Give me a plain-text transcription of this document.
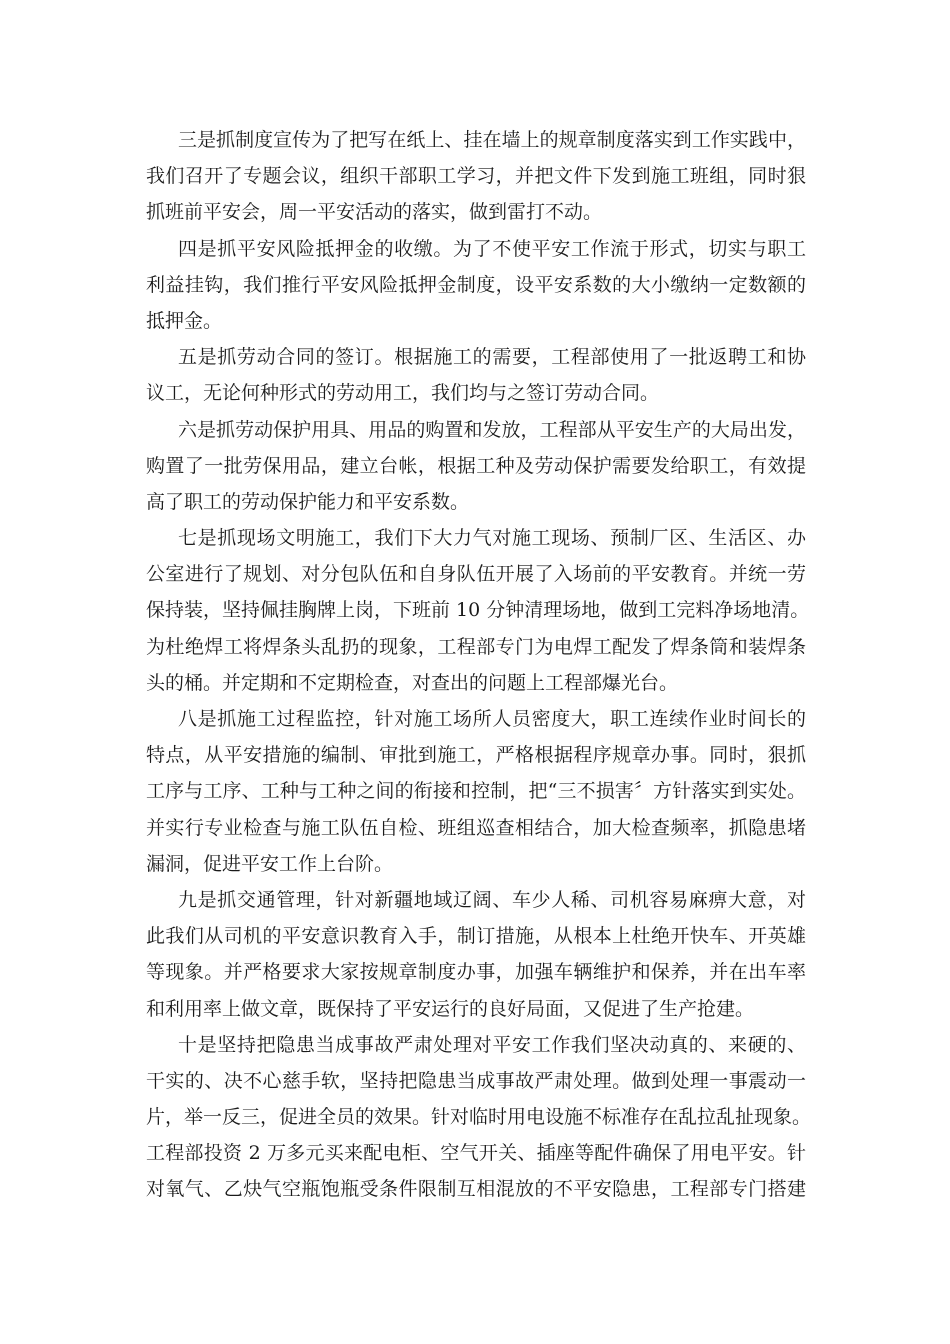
三是抓制度宣传为了把写在纸上、挂在墙上的规章制度落实到工作实践中，
我们召开了专题会议，组织干部职工学习，并把文件下发到施工班组，同时狠
抓班前平安会，周一平安活动的落实，做到雷打不动。
四是抓平安风险抵押金的收缴。为了不使平安工作流于形式，切实与职工
利益挂钩，我们推行平安风险抵押金制度，设平安系数的大小缴纳一定数额的
抵押金。
五是抓劳动合同的签订。根据施工的需要，工程部使用了一批返聘工和协
议工，无论何种形式的劳动用工，我们均与之签订劳动合同。
六是抓劳动保护用具、用品的购置和发放，工程部从平安生产的大局出发，
购置了一批劳保用品，建立台帐，根据工种及劳动保护需要发给职工，有效提
高了职工的劳动保护能力和平安系数。
七是抓现场文明施工，我们下大力气对施工现场、预制厂区、生活区、办
公室进行了规划、对分包队伍和自身队伍开展了入场前的平安教育。并统一劳
保持装，坚持佩挂胸牌上岗，下班前 10 分钟清理场地，做到工完料净场地清。
为杜绝焊工将焊条头乱扔的现象，工程部专门为电焊工配发了焊条筒和装焊条
头的桶。并定期和不定期检查，对查出的问题上工程部爆光台。
八是抓施工过程监控，针对施工场所人员密度大，职工连续作业时间长的
特点，从平安措施的编制、审批到施工，严格根据程序规章办事。同时，狠抓
工序与工序、工种与工种之间的衔接和控制，把“三不损害〞方针落实到实处。
并实行专业检查与施工队伍自检、班组巡查相结合，加大检查频率，抓隐患堵
漏洞，促进平安工作上台阶。
九是抓交通管理，针对新疆地域辽阔、车少人稀、司机容易麻痹大意，对
此我们从司机的平安意识教育入手，制订措施，从根本上杜绝开快车、开英雄
等现象。并严格要求大家按规章制度办事，加强车辆维护和保养，并在出车率
和利用率上做文章，既保持了平安运行的良好局面，又促进了生产抢建。
十是坚持把隐患当成事故严肃处理对平安工作我们坚决动真的、来硬的、
干实的、决不心慈手软，坚持把隐患当成事故严肃处理。做到处理一事震动一
片，举一反三，促进全员的效果。针对临时用电设施不标准存在乱拉乱扯现象。
工程部投资 2 万多元买来配电柜、空气开关、插座等配件确保了用电平安。针
对氧气、乙炔气空瓶饱瓶受条件限制互相混放的不平安隐患，工程部专门搭建
